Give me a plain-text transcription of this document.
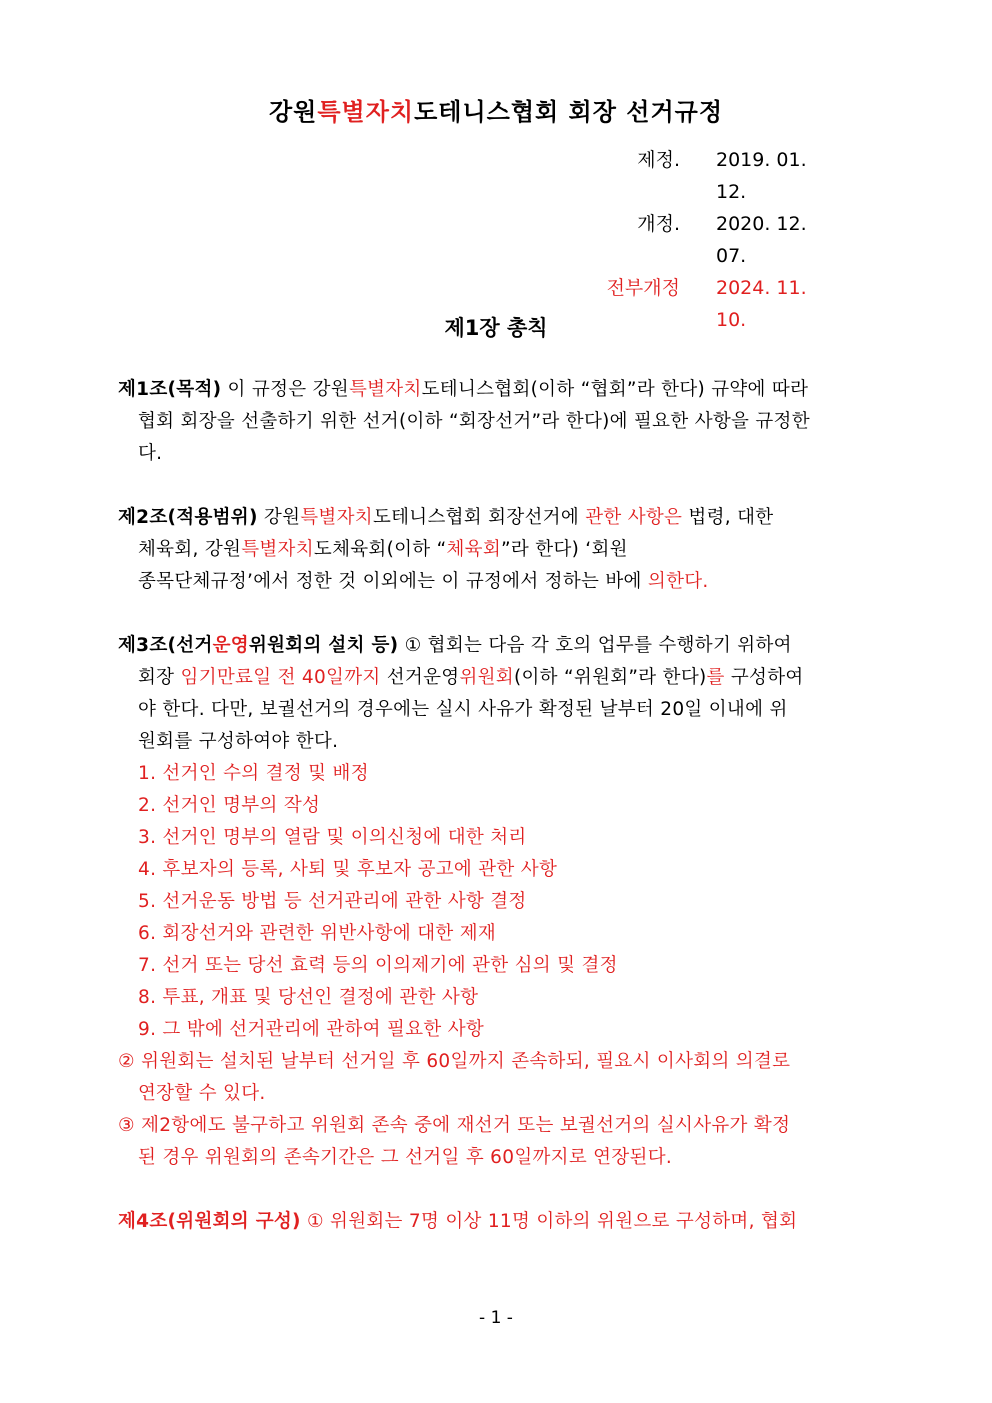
강원특별자치도테니스협회 회장 선거규정
제정. 2019. 01. 12.
개정. 2020. 12. 07.
전부개정 2024. 11. 10.
제1장 총칙
제1조(목적) 이 규정은 강원특별자치도테니스협회(이하 “협회”라 한다) 규약에 따라
협회 회장을 선출하기 위한 선거(이하 “회장선거”라 한다)에 필요한 사항을 규정한
다.
제2조(적용범위) 강원특별자치도테니스협회 회장선거에 관한 사항은 법령, 대한
체육회, 강원특별자치도체육회(이하 “체육회”라 한다) ‘회원
종목단체규정’에서 정한 것 이외에는 이 규정에서 정하는 바에 의한다.
제3조(선거운영위원회의 설치 등) ① 협회는 다음 각 호의 업무를 수행하기 위하여
회장 임기만료일 전 40일까지 선거운영위원회(이하 “위원회”라 한다)를 구성하여
야 한다. 다만, 보궐선거의 경우에는 실시 사유가 확정된 날부터 20일 이내에 위
원회를 구성하여야 한다.
1. 선거인 수의 결정 및 배정
2. 선거인 명부의 작성
3. 선거인 명부의 열람 및 이의신청에 대한 처리
4. 후보자의 등록, 사퇴 및 후보자 공고에 관한 사항
5. 선거운동 방법 등 선거관리에 관한 사항 결정
6. 회장선거와 관련한 위반사항에 대한 제재
7. 선거 또는 당선 효력 등의 이의제기에 관한 심의 및 결정
8. 투표, 개표 및 당선인 결정에 관한 사항
9. 그 밖에 선거관리에 관하여 필요한 사항
② 위원회는 설치된 날부터 선거일 후 60일까지 존속하되, 필요시 이사회의 의결로
연장할 수 있다.
③ 제2항에도 불구하고 위원회 존속 중에 재선거 또는 보궐선거의 실시사유가 확정
된 경우 위원회의 존속기간은 그 선거일 후 60일까지로 연장된다.
제4조(위원회의 구성) ① 위원회는 7명 이상 11명 이하의 위원으로 구성하며, 협회
- 1 -
